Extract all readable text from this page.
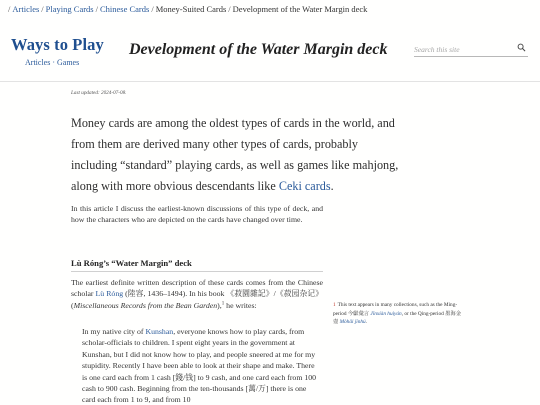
/ Articles / Playing Cards / Chinese Cards / Money-Suited Cards / Development of the Water Margin deck
Ways to Play
Articles · Games
Development of the Water Margin deck
Search this site
Last updated: 2024-07-08.

Money cards are among the oldest types of cards in the world, and from them are derived many other types of cards, probably including “standard” playing cards, as well as games like mahjong, along with more obvious descendants like Ceki cards.

In this article I discuss the earliest-known discussions of this type of deck, and how the characters who are depicted on the cards have changed over time.

Lù Róng’s “Water Margin” deck

The earliest definite written description of these cards comes from the Chinese scholar Lù Róng (陸容, 1436–1494). In his book 《菽園雜記》/《菽园杂记》 (Miscellaneous Records from the Bean Garden),$^1$ he writes:

In my native city of Kunshan, everyone knows how to play cards, from scholar-officials to children. I spent eight years in the government at Kunshan, but I did not know how to play, and people sneered at me for my stupidity. Recently I have been able to look at their shape and make. There is one card each from 1 cash [錢/钱] to 9 cash, and one card each from 100 cash to 900 cash. Beginning from the ten-thousands [萬/万] there is one card each from 1 to 9, and from 10
1 This text appears in many collections, such as the Ming-period 今獻彙言 Jīnxiàn huìyán, or the Qing-period 墨海金壺 Mòhǎi jīnhú.
